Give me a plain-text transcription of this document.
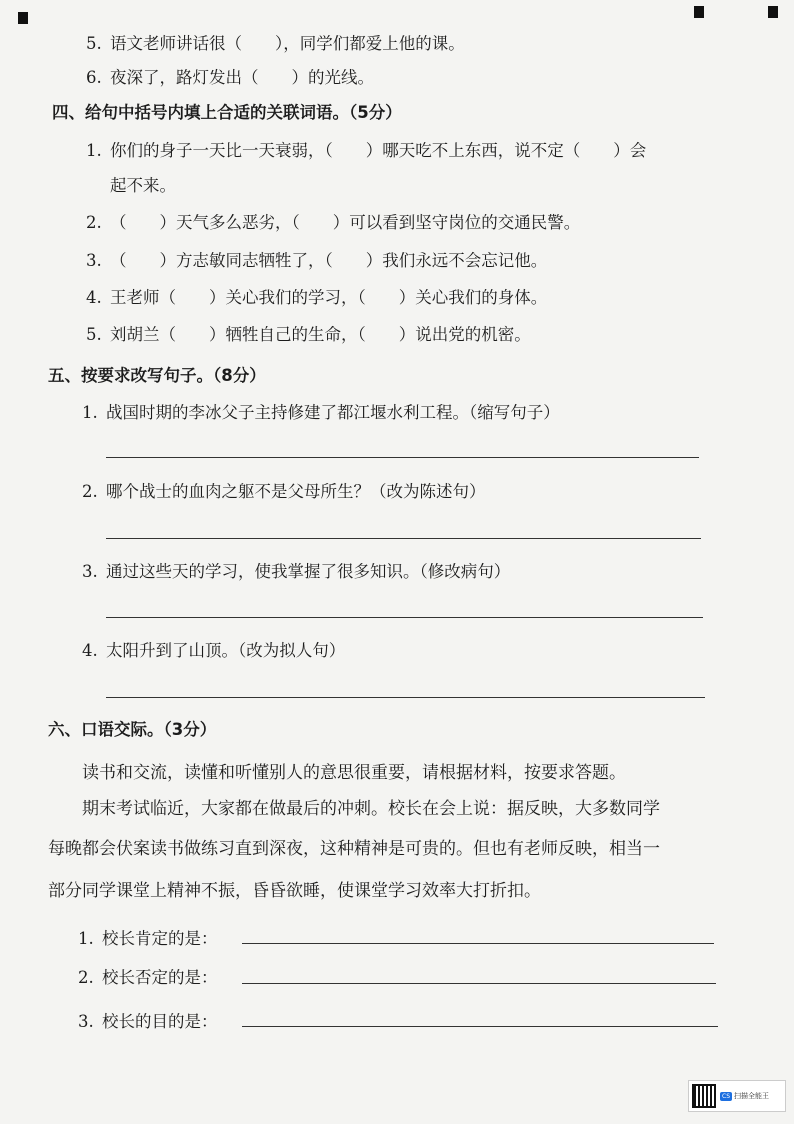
5. 语文老师讲话很（　　），同学们都爱上他的课。
6. 夜深了，路灯发出（　　）的光线。
四、给句中括号内填上合适的关联词语。（5分）
1. 你们的身子一天比一天衰弱，（　　）哪天吃不上东西，说不定（　　）会
起不来。
2. （　　）天气多么恶劣，（　　）可以看到坚守岗位的交通民警。
3. （　　）方志敏同志牺牲了，（　　）我们永远不会忘记他。
4. 王老师（　　）关心我们的学习，（　　）关心我们的身体。
5. 刘胡兰（　　）牺牲自己的生命，（　　）说出党的机密。
五、按要求改写句子。（8分）
1. 战国时期的李冰父子主持修建了都江堰水利工程。（缩写句子）
2. 哪个战士的血肉之躯不是父母所生？（改为陈述句）
3. 通过这些天的学习，使我掌握了很多知识。（修改病句）
4. 太阳升到了山顶。（改为拟人句）
六、口语交际。（3分）
读书和交流，读懂和听懂别人的意思很重要，请根据材料，按要求答题。
期末考试临近，大家都在做最后的冲刺。校长在会上说：据反映，大多数同学
每晚都会伏案读书做练习直到深夜，这种精神是可贵的。但也有老师反映，相当一
部分同学课堂上精神不振，昏昏欲睡，使课堂学习效率大打折扣。
1. 校长肯定的是：
2. 校长否定的是：
3. 校长的目的是：
CS 扫描全能王
